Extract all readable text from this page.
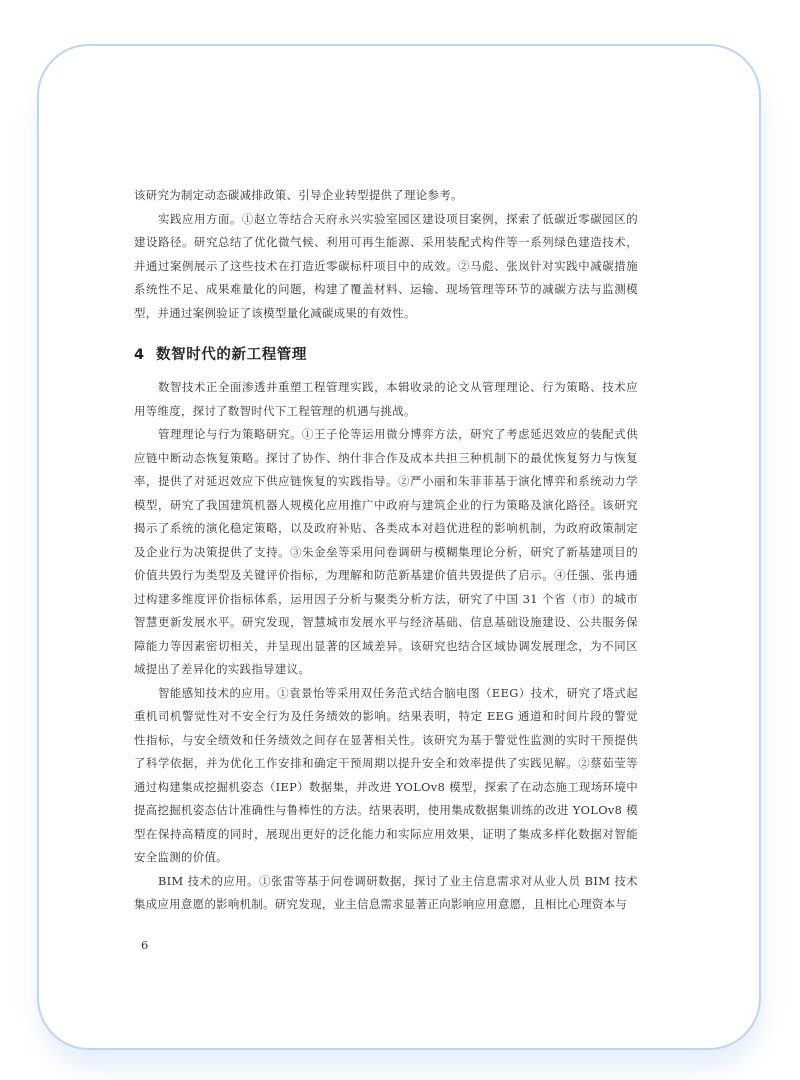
该研究为制定动态碳减排政策、引导企业转型提供了理论参考。

实践应用方面。①赵立等结合天府永兴实验室园区建设项目案例，探索了低碳近零碳园区的建设路径。研究总结了优化微气候、利用可再生能源、采用装配式构件等一系列绿色建造技术，并通过案例展示了这些技术在打造近零碳标杆项目中的成效。②马彪、张岚针对实践中减碳措施系统性不足、成果难量化的问题，构建了覆盖材料、运输、现场管理等环节的减碳方法与监测模型，并通过案例验证了该模型量化减碳成果的有效性。

4 数智时代的新工程管理

数智技术正全面渗透并重塑工程管理实践，本辑收录的论文从管理理论、行为策略、技术应用等维度，探讨了数智时代下工程管理的机遇与挑战。

管理理论与行为策略研究。①王子伦等运用微分博弈方法，研究了考虑延迟效应的装配式供应链中断动态恢复策略。探讨了协作、纳什非合作及成本共担三种机制下的最优恢复努力与恢复率，提供了对延迟效应下供应链恢复的实践指导。②严小丽和朱菲菲基于演化博弈和系统动力学模型，研究了我国建筑机器人规模化应用推广中政府与建筑企业的行为策略及演化路径。该研究揭示了系统的演化稳定策略，以及政府补贴、各类成本对趋优进程的影响机制，为政府政策制定及企业行为决策提供了支持。③朱金垒等采用问卷调研与模糊集理论分析，研究了新基建项目的价值共毁行为类型及关键评价指标，为理解和防范新基建价值共毁提供了启示。④任强、张冉通过构建多维度评价指标体系，运用因子分析与聚类分析方法，研究了中国 31 个省（市）的城市智慧更新发展水平。研究发现，智慧城市发展水平与经济基础、信息基础设施建设、公共服务保障能力等因素密切相关，并呈现出显著的区域差异。该研究也结合区域协调发展理念，为不同区域提出了差异化的实践指导建议。

智能感知技术的应用。①袁景怡等采用双任务范式结合脑电图（EEG）技术，研究了塔式起重机司机警觉性对不安全行为及任务绩效的影响。结果表明，特定 EEG 通道和时间片段的警觉性指标，与安全绩效和任务绩效之间存在显著相关性。该研究为基于警觉性监测的实时干预提供了科学依据，并为优化工作安排和确定干预周期以提升安全和效率提供了实践见解。②蔡茹莹等通过构建集成挖掘机姿态（IEP）数据集，并改进 YOLOv8 模型，探索了在动态施工现场环境中提高挖掘机姿态估计准确性与鲁棒性的方法。结果表明，使用集成数据集训练的改进 YOLOv8 模型在保持高精度的同时，展现出更好的泛化能力和实际应用效果，证明了集成多样化数据对智能安全监测的价值。

BIM 技术的应用。①张雷等基于问卷调研数据，探讨了业主信息需求对从业人员 BIM 技术集成应用意愿的影响机制。研究发现，业主信息需求显著正向影响应用意愿，且相比心理资本与

6
